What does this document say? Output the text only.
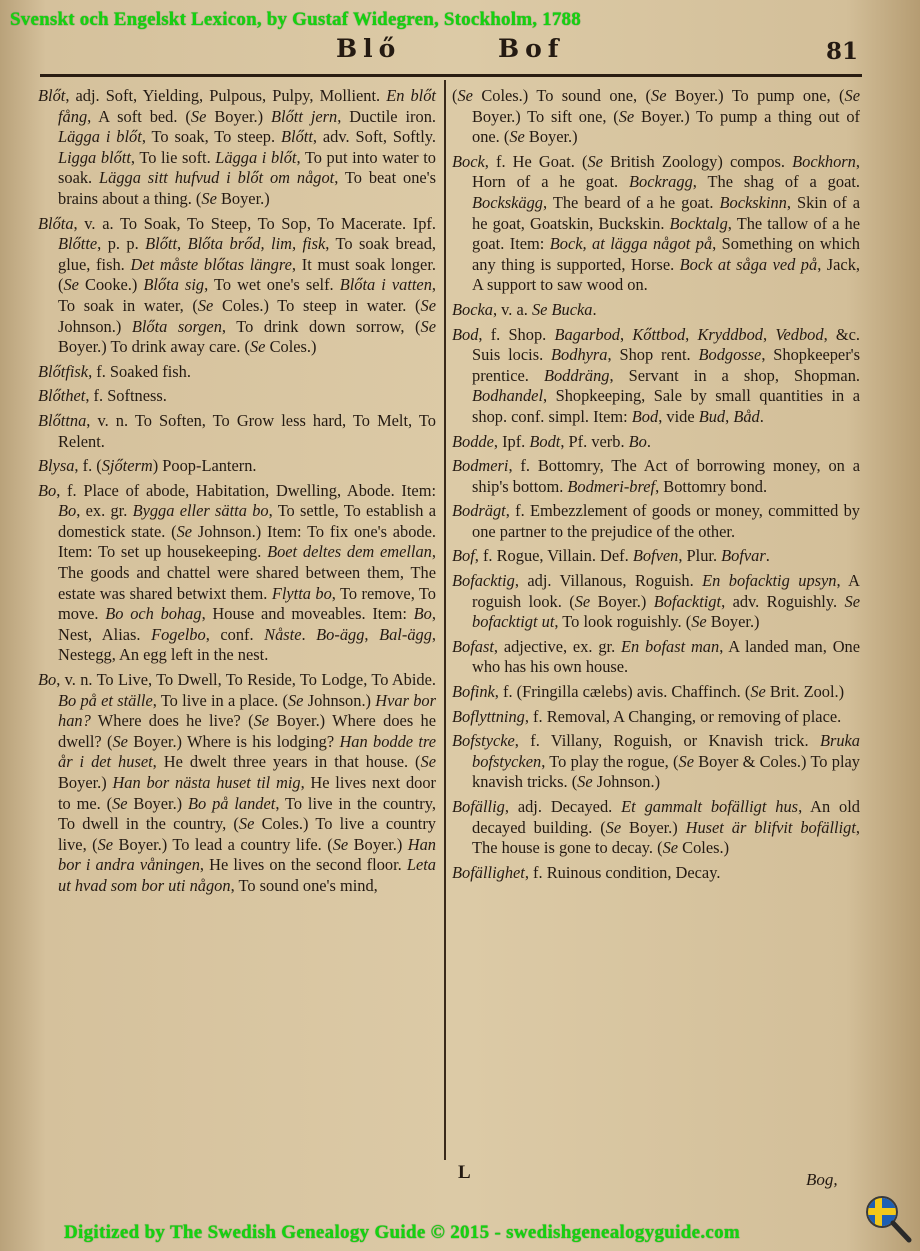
Svenskt och Engelskt Lexicon, by Gustaf Widegren, Stockholm, 1788
Blő	Bof	81

Blőt, adj. Soft, Yielding, Pulpous, Pulpy, Mollient. En blőt fång, A soft bed. (Se Boyer.) Blőtt jern, Ductile iron. Lägga i blőt, To soak, To steep. Blőtt, adv. Soft, Softly. Ligga blőtt, To lie soft. Lägga i blőt, To put into water to soak. Lägga sitt hufvud i blőt om något, To beat one's brains about a thing. (Se Boyer.)

Blőta, v. a. To Soak, To Steep, To Sop, To Macerate. Ipf. Blőtte, p. p. Blőtt, Blőta brőd, lim, fisk, To soak bread, glue, fish. Det måste blőtas längre, It must soak longer. (Se Cooke.) Blőta sig, To wet one's self. Blőta i vatten, To soak in water, (Se Coles.) To steep in water. (Se Johnson.) Blőta sorgen, To drink down sorrow, (Se Boyer.) To drink away care. (Se Coles.)

Blőtfisk, f. Soaked fish.

Blőthet, f. Softness.

Blőttna, v. n. To Soften, To Grow less hard, To Melt, To Relent.

Blysa, f. (Sjőterm) Poop-Lantern.

Bo, f. Place of abode, Habitation, Dwelling, Abode. Item: Bo, ex. gr. Bygga eller sätta bo, To settle, To establish a domestick state. (Se Johnson.) Item: To fix one's abode. Item: To set up housekeeping. Boet deltes dem emellan, The goods and chattel were shared between them, The estate was shared betwixt them. Flytta bo, To remove, To move. Bo och bohag, House and moveables. Item: Bo, Nest, Alias. Fogelbo, conf. Nåste. Bo-ägg, Bal-ägg, Nestegg, An egg left in the nest.

Bo, v. n. To Live, To Dwell, To Reside, To Lodge, To Abide. Bo på et ställe, To live in a place. (Se Johnson.) Hvar bor han? Where does he live? (Se Boyer.) Where does he dwell? (Se Boyer.) Where is his lodging? Han bodde tre år i det huset, He dwelt three years in that house. (Se Boyer.) Han bor nästa huset til mig, He lives next door to me. (Se Boyer.) Bo på landet, To live in the country, To dwell in the country, (Se Coles.) To live a country live, (Se Boyer.) To lead a country life. (Se Boyer.) Han bor i andra våningen, He lives on the second floor. Leta ut hvad som bor uti någon, To sound one's mind,

(Se Coles.) To sound one, (Se Boyer.) To pump one, (Se Boyer.) To sift one, (Se Boyer.) To pump a thing out of one. (Se Boyer.)

Bock, f. He Goat. (Se British Zoology) compos. Bockhorn, Horn of a he goat. Bockragg, The shag of a goat. Bockskägg, The beard of a he goat. Bockskinn, Skin of a he goat, Goatskin, Buckskin. Bocktalg, The tallow of a he goat. Item: Bock, at lägga något på, Something on which any thing is supported, Horse. Bock at såga ved på, Jack, A support to saw wood on.

Bocka, v. a. Se Bucka.

Bod, f. Shop. Bagarbod, Kőttbod, Kryddbod, Vedbod, &c. Suis locis. Bodhyra, Shop rent. Bodgosse, Shopkeeper's prentice. Boddräng, Servant in a shop, Shopman. Bodhandel, Shopkeeping, Sale by small quantities in a shop. conf. simpl. Item: Bod, vide Bud, Båd.

Bodde, Ipf. Bodt, Pf. verb. Bo.

Bodmeri, f. Bottomry, The Act of borrowing money, on a ship's bottom. Bodmeri-bref, Bottomry bond.

Bodrägt, f. Embezzlement of goods or money, committed by one partner to the prejudice of the other.

Bof, f. Rogue, Villain. Def. Bofven, Plur. Bofvar.

Bofacktig, adj. Villanous, Roguish. En bofacktig upsyn, A roguish look. (Se Boyer.) Bofacktigt, adv. Roguishly. Se bofacktigt ut, To look roguishly. (Se Boyer.)

Bofast, adjective, ex. gr. En bofast man, A landed man, One who has his own house.

Bofink, f. (Fringilla cælebs) avis. Chaffinch. (Se Brit. Zool.)

Boflyttning, f. Removal, A Changing, or removing of place.

Bofstycke, f. Villany, Roguish, or Knavish trick. Bruka bofstycken, To play the rogue, (Se Boyer & Coles.) To play knavish tricks. (Se Johnson.)

Bofällig, adj. Decayed. Et gammalt bofälligt hus, An old decayed building. (Se Boyer.) Huset är blifvit bofälligt, The house is gone to decay. (Se Coles.)

Bofällighet, f. Ruinous condition, Decay.

L	Bog,
Digitized by The Swedish Genealogy Guide © 2015 - swedishgenealogyguide.com
